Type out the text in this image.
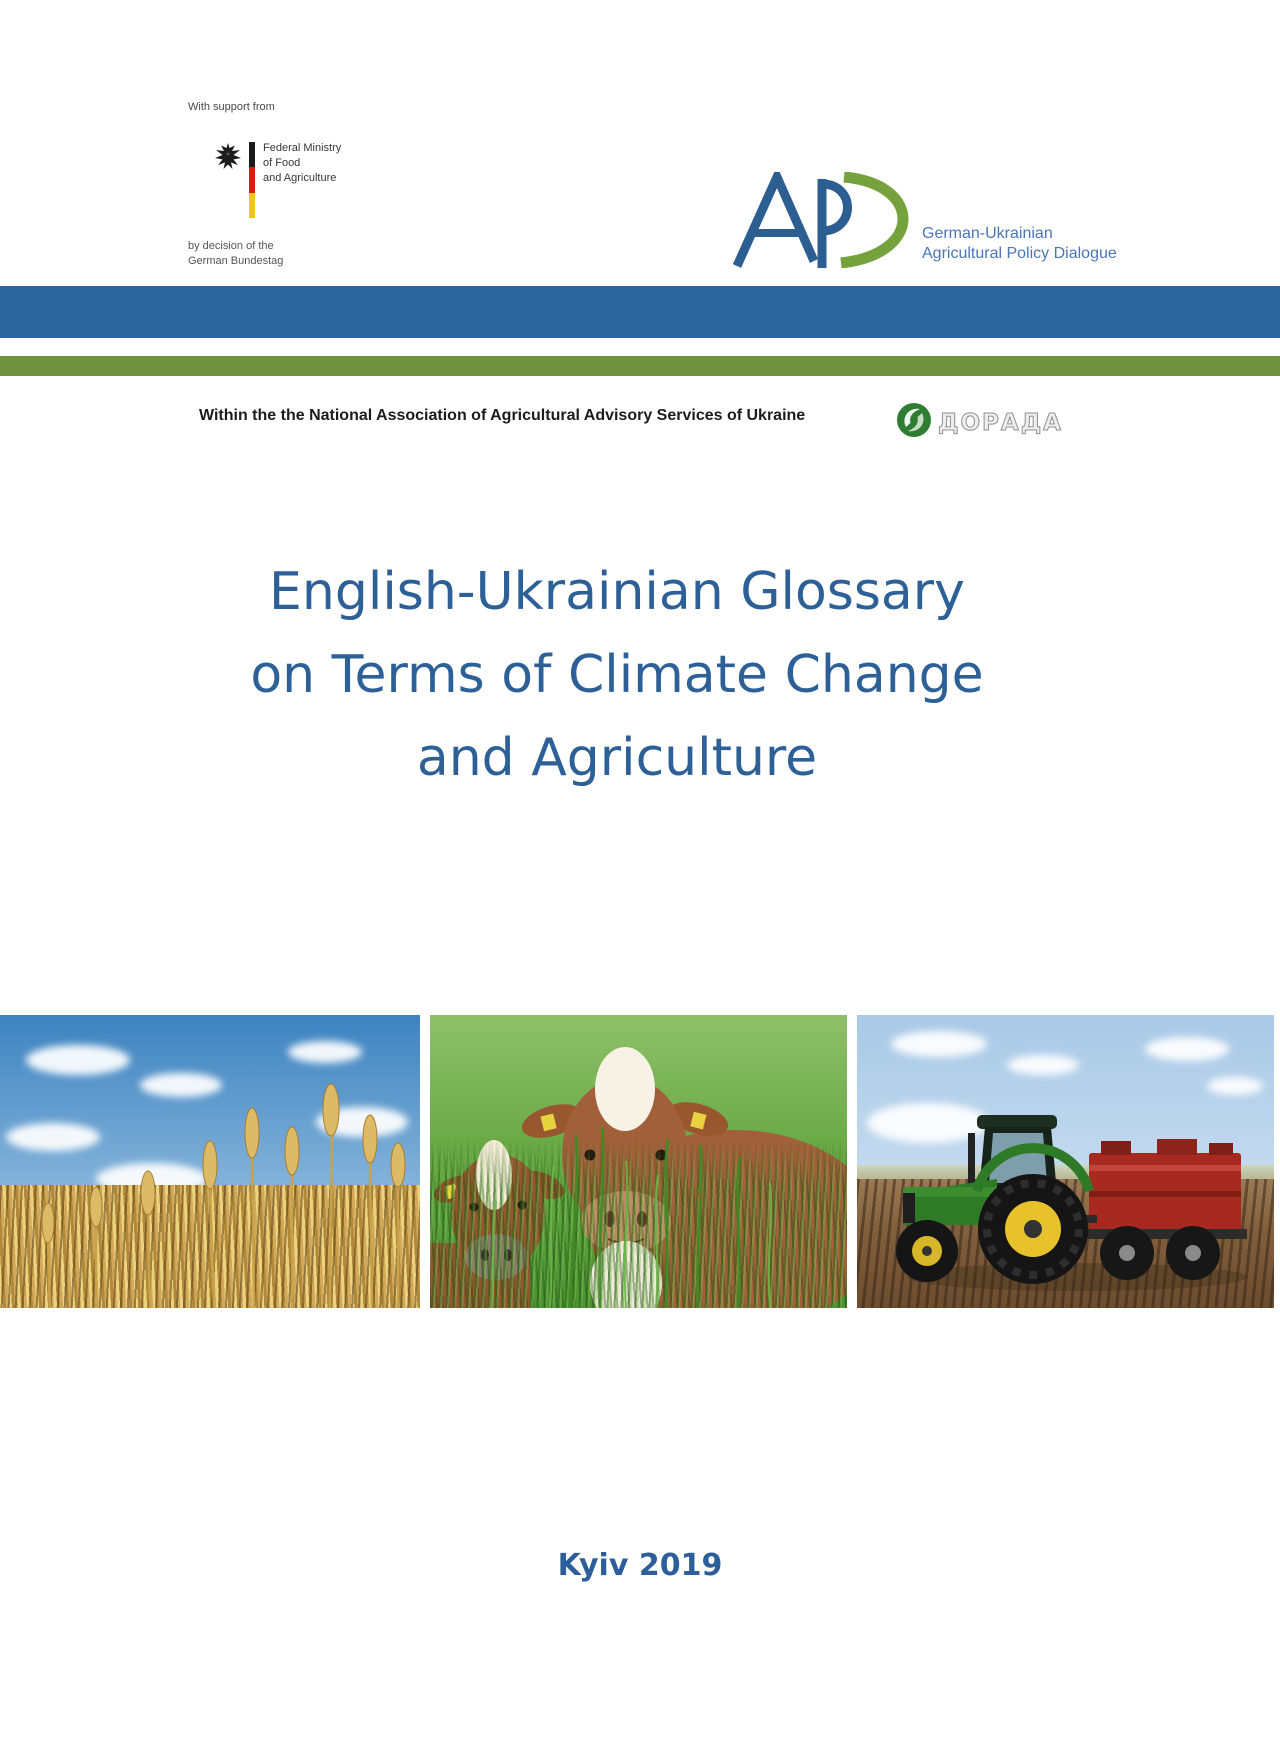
With support from
Federal Ministry
of Food
and Agriculture
by decision of the
German Bundestag
German-Ukrainian
Agricultural Policy Dialogue
Within the the National Association of Agricultural Advisory Services of Ukraine	ДОРАДА
English-Ukrainian Glossary
on Terms of Climate Change
and Agriculture
Kyiv 2019
